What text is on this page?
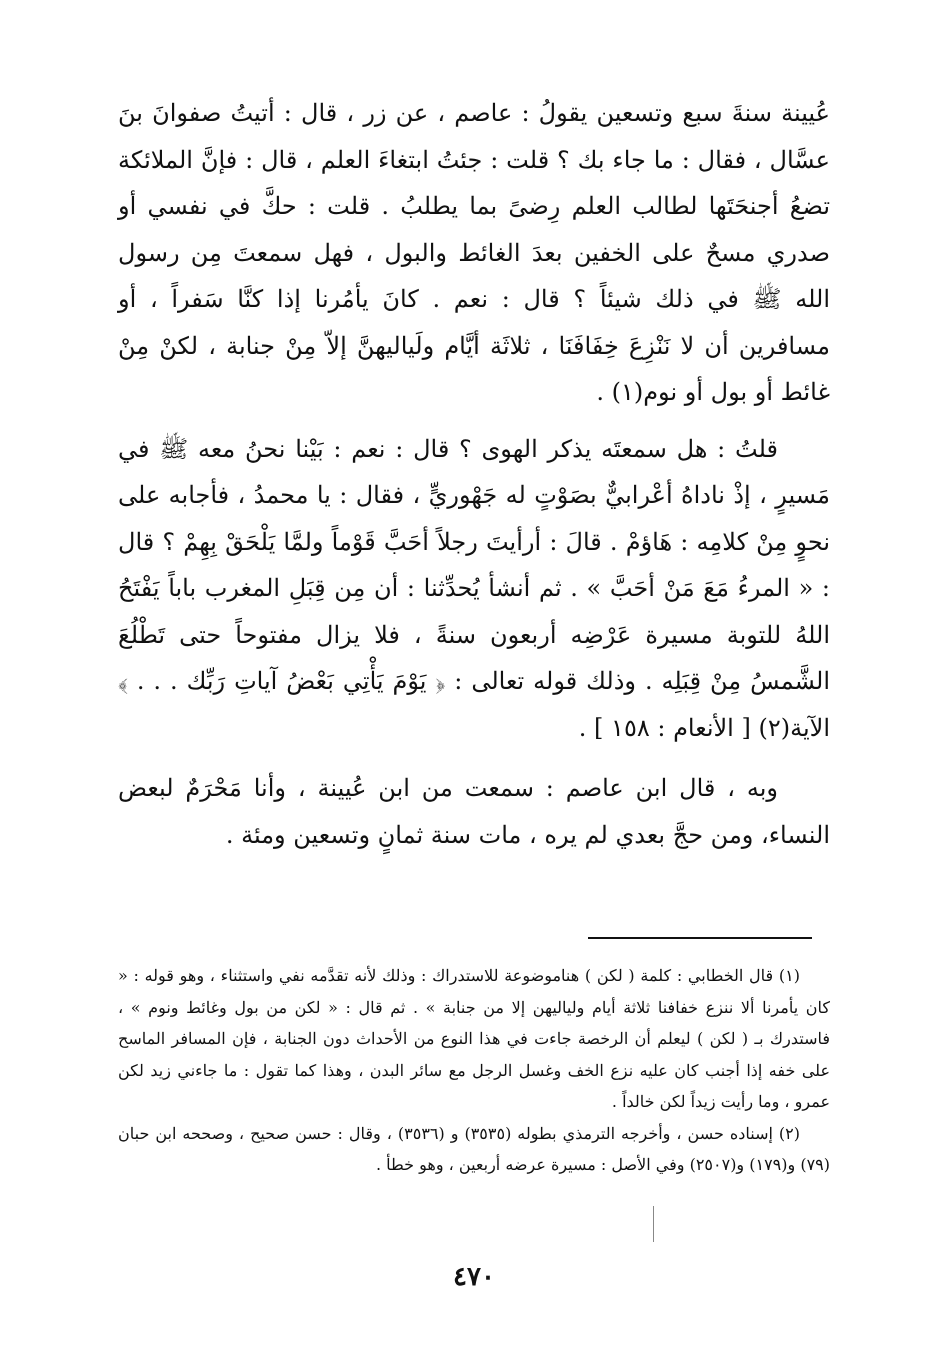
عُيينة سنةَ سبع وتسعين يقولُ : عاصم ، عن زر ، قال : أتيتُ صفوانَ بنَ عسَّال ، فقال : ما جاء بك ؟ قلت : جئتُ ابتغاءَ العلم ، قال : فإنَّ الملائكة تضعُ أجنحَتَها لطالب العلم رِضىً بما يطلبُ . قلت : حكَّ في نفسي أو صدري مسحٌ على الخفين بعدَ الغائط والبول ، فهل سمعتَ مِن رسول الله ﷺ في ذلك شيئاً ؟ قال : نعم . كانَ يأمُرنا إذا كنَّا سَفراً ، أو مسافرين أن لا نَنْزِعَ خِفَافَنَا ، ثلاثَة أيَّام ولَياليهنَّ إلاّ مِنْ جنابة ، لكنْ مِنْ غائط أو بول أو نوم(١) .

قلتُ : هل سمعتَه يذكر الهوى ؟ قال : نعم : بَيْنا نحنُ معه ﷺ في مَسيرٍ ، إذْ ناداهُ أعْرابيٌّ بصَوْتٍ له جَهْوريٍّ ، فقال : يا محمدُ ، فأجابه على نحوٍ مِنْ كلامِه : هَاؤمْ . قالَ : أرأيتَ رجلاً أحَبَّ قَوْماً ولمَّا يَلْحَقْ بِهِمْ ؟ قال : « المرءُ مَعَ مَنْ أحَبَّ » . ثم أنشأ يُحدِّثنا : أن مِن قِبَلِ المغرب باباً يَفْتَحُ اللهُ للتوبة مسيرة عَرْضِه أربعون سنةً ، فلا يزال مفتوحاً حتى تَطْلُعَ الشَّمسُ مِنْ قِبَلِه . وذلك قوله تعالى : ﴿ يَوْمَ يَأْتِي بَعْضُ آياتِ رَبِّك . . . ﴾ الآية(٢) [ الأنعام : ١٥٨ ] .

وبه ، قال ابن عاصم : سمعت من ابن عُيينة ، وأنا مَحْرَمٌ لبعض النساء، ومن حجَّ بعدي لم يره ، مات سنة ثمانٍ وتسعين ومئة .

(١) قال الخطابي : كلمة ( لكن ) هناموضوعة للاستدراك : وذلك لأنه تقدَّمه نفي واستثناء ، وهو قوله : « كان يأمرنا ألا ننزع خفافنا ثلاثة أيام ولياليهن إلا من جنابة » . ثم قال : « لكن من بول وغائط ونوم » ، فاستدرك بـ ( لكن ) ليعلم أن الرخصة جاءت في هذا النوع من الأحداث دون الجنابة ، فإن المسافر الماسح على خفه إذا أجنب كان عليه نزع الخف وغسل الرجل مع سائر البدن ، وهذا كما تقول : ما جاءني زيد لكن عمرو ، وما رأيت زيداً لكن خالداً .

(٢) إسناده حسن ، وأخرجه الترمذي بطوله (٣٥٣٥) و (٣٥٣٦) ، وقال : حسن صحيح ، وصححه ابن حبان (٧٩) و(١٧٩) و(٢٥٠٧) وفي الأصل : مسيرة عرضه أربعين ، وهو خطأ .

٤٧٠
